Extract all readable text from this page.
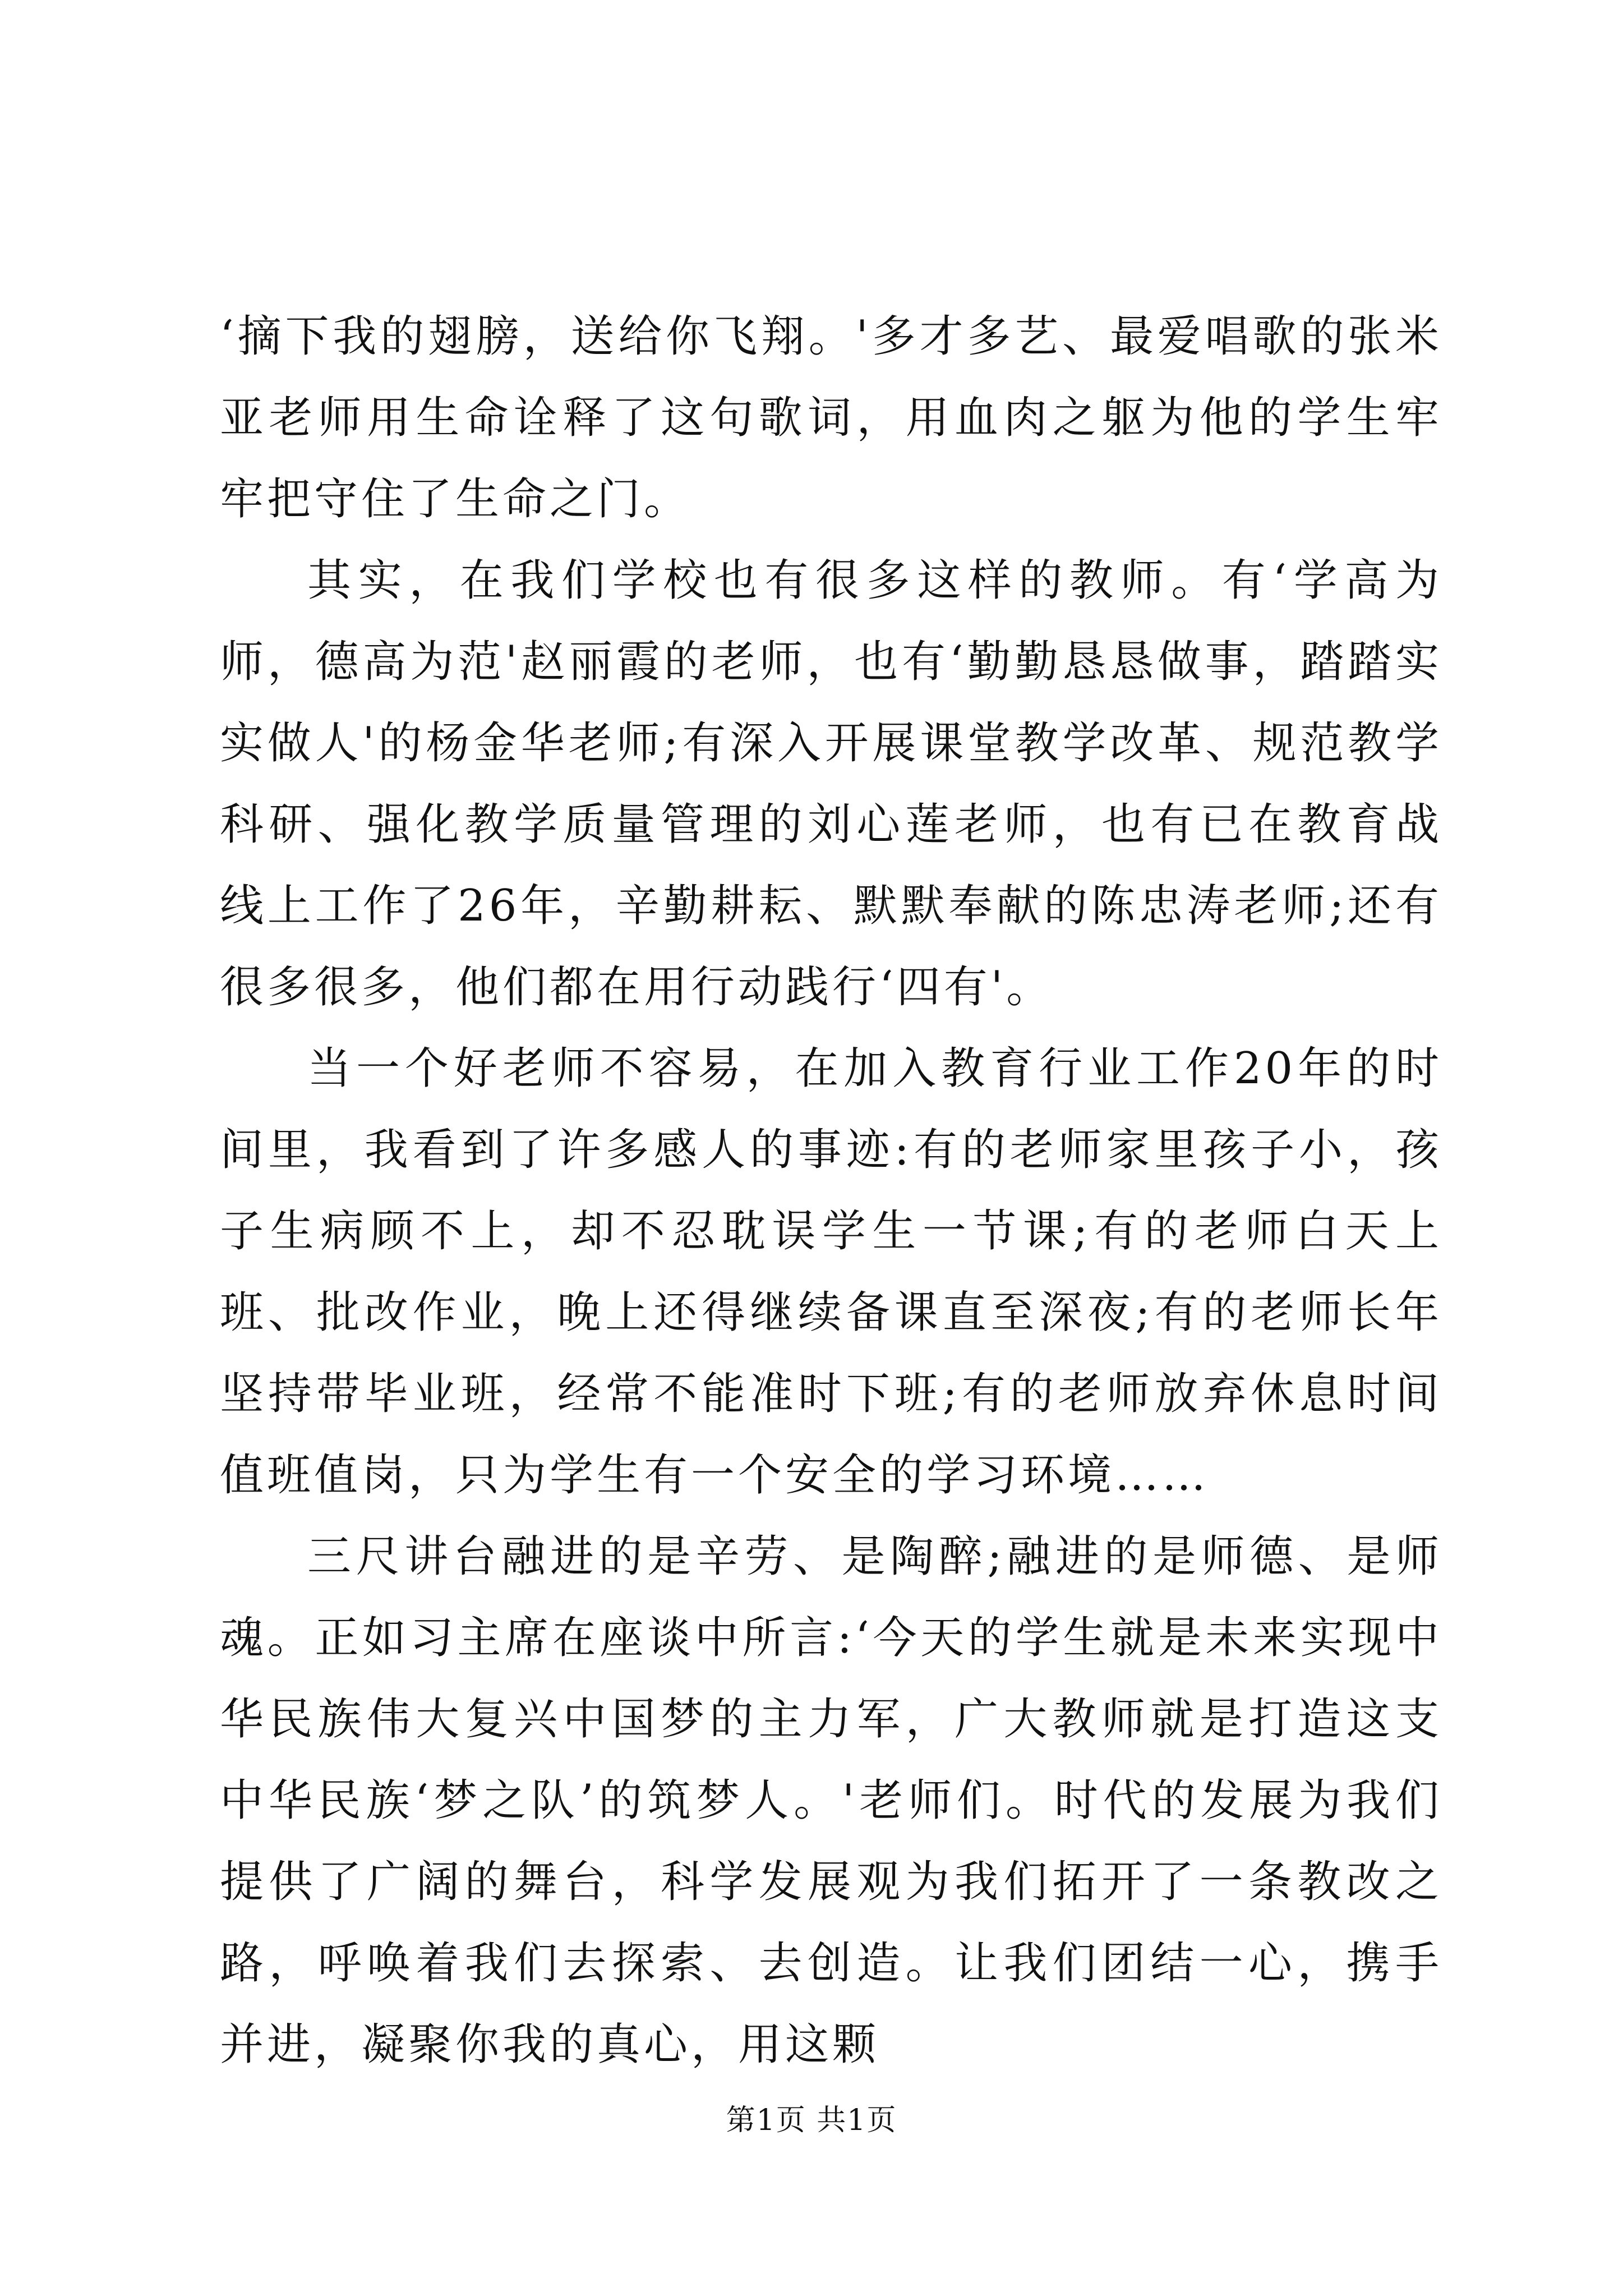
‘摘下我的翅膀，送给你飞翔。'多才多艺、最爱唱歌的张米亚老师用生命诠释了这句歌词，用血肉之躯为他的学生牢牢把守住了生命之门。

其实，在我们学校也有很多这样的教师。有‘学高为师，德高为范'赵丽霞的老师，也有‘勤勤恳恳做事，踏踏实实做人'的杨金华老师;有深入开展课堂教学改革、规范教学科研、强化教学质量管理的刘心莲老师，也有已在教育战线上工作了26年，辛勤耕耘、默默奉献的陈忠涛老师;还有很多很多，他们都在用行动践行‘四有'。

当一个好老师不容易，在加入教育行业工作20年的时间里，我看到了许多感人的事迹:有的老师家里孩子小，孩子生病顾不上，却不忍耽误学生一节课;有的老师白天上班、批改作业，晚上还得继续备课直至深夜;有的老师长年坚持带毕业班，经常不能准时下班;有的老师放弃休息时间值班值岗，只为学生有一个安全的学习环境……

三尺讲台融进的是辛劳、是陶醉;融进的是师德、是师魂。正如习主席在座谈中所言:‘今天的学生就是未来实现中华民族伟大复兴中国梦的主力军，广大教师就是打造这支中华民族‘梦之队’的筑梦人。'老师们。时代的发展为我们提供了广阔的舞台，科学发展观为我们拓开了一条教改之路，呼唤着我们去探索、去创造。让我们团结一心，携手并进，凝聚你我的真心，用这颗

第1页 共1页
